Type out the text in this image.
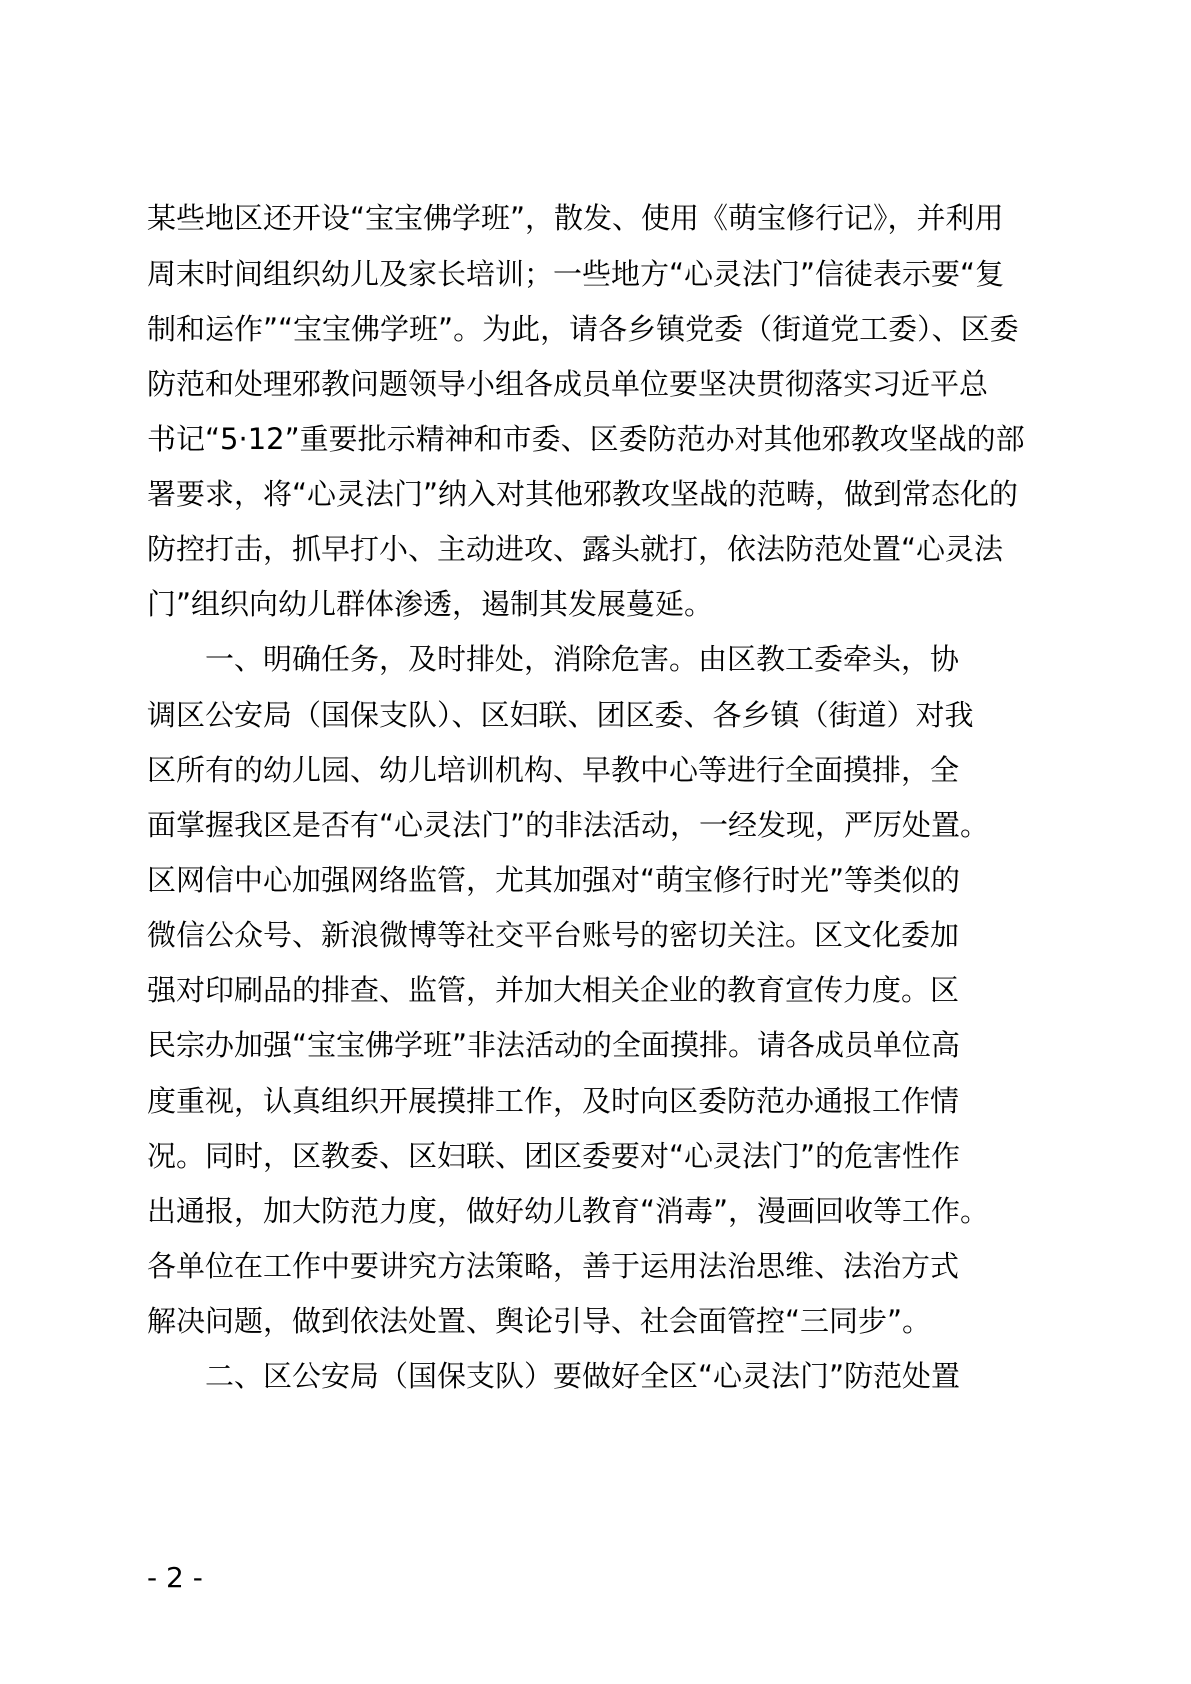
某些地区还开设“宝宝佛学班”，散发、使用《萌宝修行记》，并利用
周末时间组织幼儿及家长培训；一些地方“心灵法门”信徒表示要“复
制和运作”“宝宝佛学班”。为此，请各乡镇党委（街道党工委）、区委
防范和处理邪教问题领导小组各成员单位要坚决贯彻落实习近平总
书记“5·12”重要批示精神和市委、区委防范办对其他邪教攻坚战的部
署要求，将“心灵法门”纳入对其他邪教攻坚战的范畴，做到常态化的
防控打击，抓早打小、主动进攻、露头就打，依法防范处置“心灵法
门”组织向幼儿群体渗透，遏制其发展蔓延。
一、明确任务，及时排处，消除危害。由区教工委牵头，协
调区公安局（国保支队）、区妇联、团区委、各乡镇（街道）对我
区所有的幼儿园、幼儿培训机构、早教中心等进行全面摸排，全
面掌握我区是否有“心灵法门”的非法活动，一经发现，严厉处置。
区网信中心加强网络监管，尤其加强对“萌宝修行时光”等类似的
微信公众号、新浪微博等社交平台账号的密切关注。区文化委加
强对印刷品的排查、监管，并加大相关企业的教育宣传力度。区
民宗办加强“宝宝佛学班”非法活动的全面摸排。请各成员单位高
度重视，认真组织开展摸排工作，及时向区委防范办通报工作情
况。同时，区教委、区妇联、团区委要对“心灵法门”的危害性作
出通报，加大防范力度，做好幼儿教育“消毒”，漫画回收等工作。
各单位在工作中要讲究方法策略，善于运用法治思维、法治方式
解决问题，做到依法处置、舆论引导、社会面管控“三同步”。
二、区公安局（国保支队）要做好全区“心灵法门”防范处置
- 2 -
